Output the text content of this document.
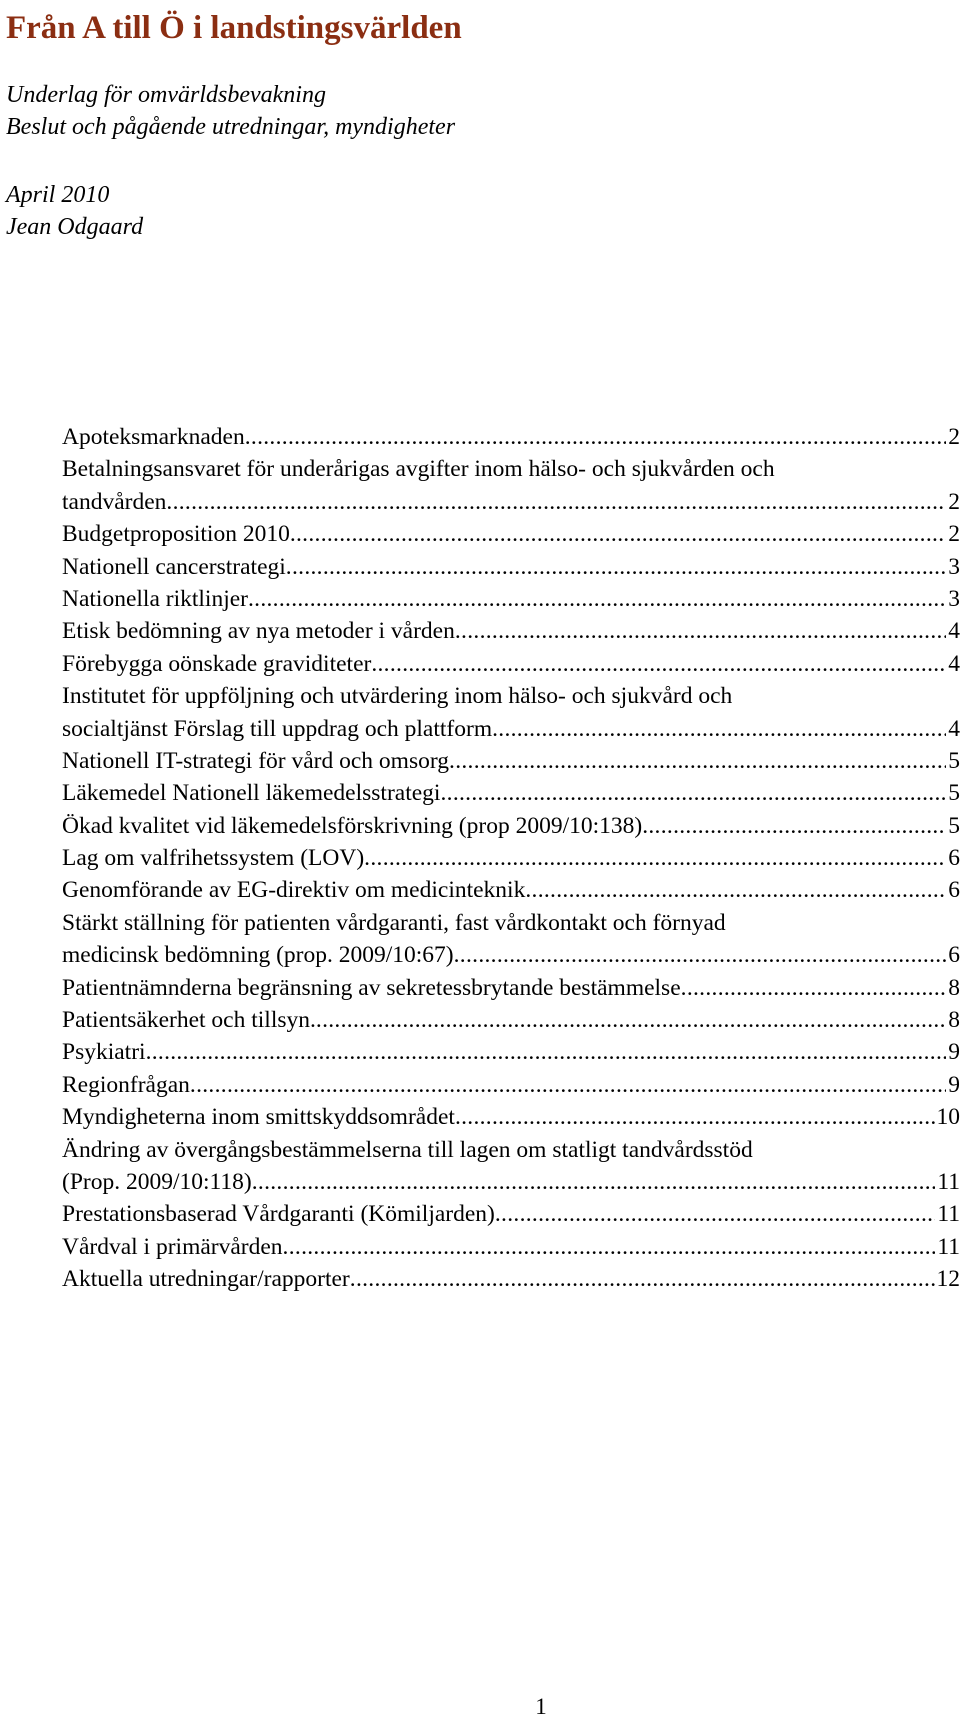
Från A till Ö i landstingsvärlden
Underlag för omvärldsbevakning
Beslut och pågående utredningar, myndigheter
April 2010
Jean Odgaard
Apoteksmarknaden .....	2
Betalningsansvaret för underårigas avgifter inom hälso- och sjukvården och
tandvården .....	2
Budgetproposition 2010 .....	2
Nationell cancerstrategi .....	3
Nationella riktlinjer .....	3
Etisk bedömning av nya metoder i vården .....	4
Förebygga oönskade graviditeter .....	4
Institutet för uppföljning och utvärdering inom hälso- och sjukvård och
socialtjänst Förslag till uppdrag och plattform .....	4
Nationell IT-strategi för vård och omsorg .....	5
Läkemedel Nationell läkemedelsstrategi .....	5
Ökad kvalitet vid läkemedelsförskrivning (prop 2009/10:138) .....	5
Lag om valfrihetssystem (LOV) .....	6
Genomförande av EG-direktiv om medicinteknik .....	6
Stärkt ställning för patienten vårdgaranti, fast vårdkontakt och förnyad
medicinsk bedömning (prop. 2009/10:67) .....	6
Patientnämnderna begränsning av sekretessbrytande bestämmelse .....	8
Patientsäkerhet och tillsyn. .....	8
Psykiatri .....	9
Regionfrågan .....	9
Myndigheterna inom smittskyddsområdet .....	10
Ändring av övergångsbestämmelserna till lagen om statligt tandvårdsstöd
(Prop. 2009/10:118) .....	11
Prestationsbaserad Vårdgaranti (Kömiljarden) .....	11
Vårdval i primärvården .....	11
Aktuella utredningar/rapporter .....	12
1
